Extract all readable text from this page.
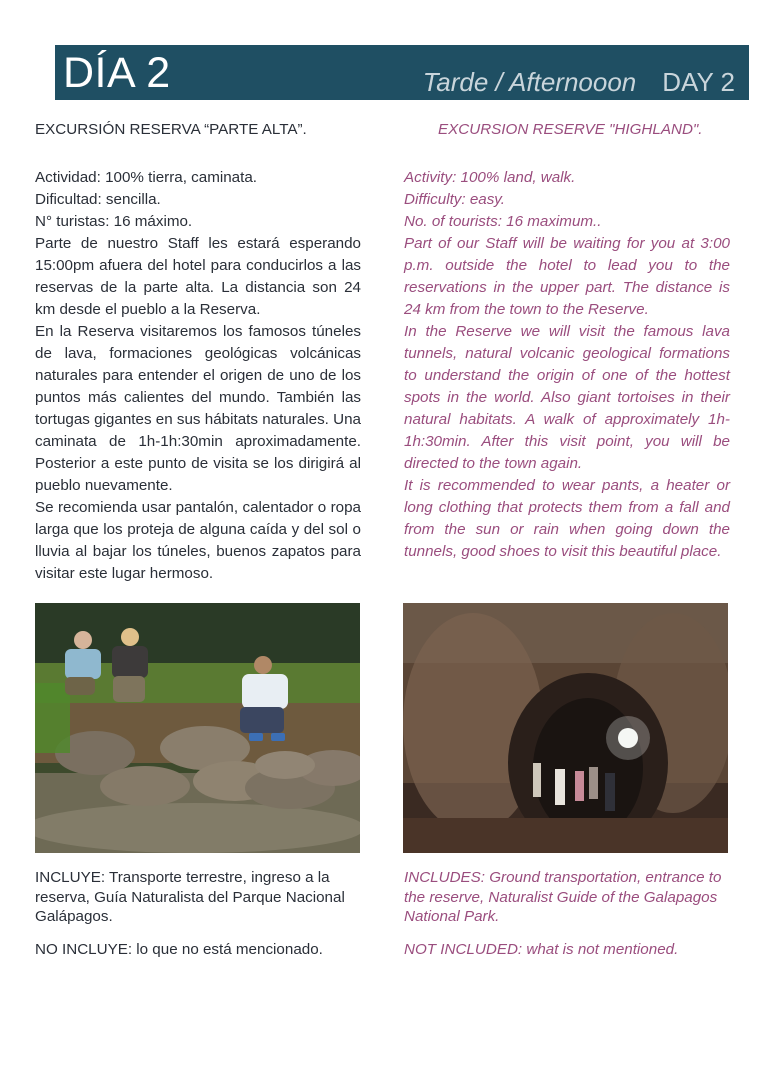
DÍA 2	Tarde / Afternooon DAY 2
EXCURSIÓN RESERVA “PARTE ALTA”.	EXCURSION RESERVE "HIGHLAND".

Actividad: 100% tierra, caminata.

Dificultad: sencilla.

N° turistas: 16 máximo.

Parte de nuestro Staff les estará esperando 15:00pm afuera del hotel para conducirlos a las reservas de la parte alta. La distancia son 24 km desde el pueblo a la Reserva.

En la Reserva visitaremos los famosos túneles de lava, formaciones geológicas volcánicas naturales para entender el origen de uno de los puntos más calientes del mundo. También las tortugas gigantes en sus hábitats naturales. Una caminata de 1h-1h:30min aproximadamente. Posterior a este punto de visita se los dirigirá al pueblo nuevamente.

Se recomienda usar pantalón, calentador o ropa larga que los proteja de alguna caída y del sol o lluvia al bajar los túneles, buenos zapatos para visitar este lugar hermoso.

Activity: 100% land, walk.

Difficulty: easy.

No. of tourists: 16 maximum..

Part of our Staff will be waiting for you at 3:00 p.m. outside the hotel to lead you to the reservations in the upper part. The distance is 24 km from the town to the Reserve.

In the Reserve we will visit the famous lava tunnels, natural volcanic geological formations to understand the origin of one of the hottest spots in the world. Also giant tortoises in their natural habitats. A walk of approximately 1h-1h:30min. After this visit point, you will be directed to the town again.

It is recommended to wear pants, a heater or long clothing that protects them from a fall and from the sun or rain when going down the tunnels, good shoes to visit this beautiful place.

INCLUYE: Transporte terrestre, ingreso a la reserva, Guía Naturalista del Parque Nacional Galápagos.

NO INCLUYE: lo que no está mencionado.

INCLUDES: Ground transportation, entrance to the reserve, Naturalist Guide of the Galapagos National Park.

NOT INCLUDED: what is not mentioned.
